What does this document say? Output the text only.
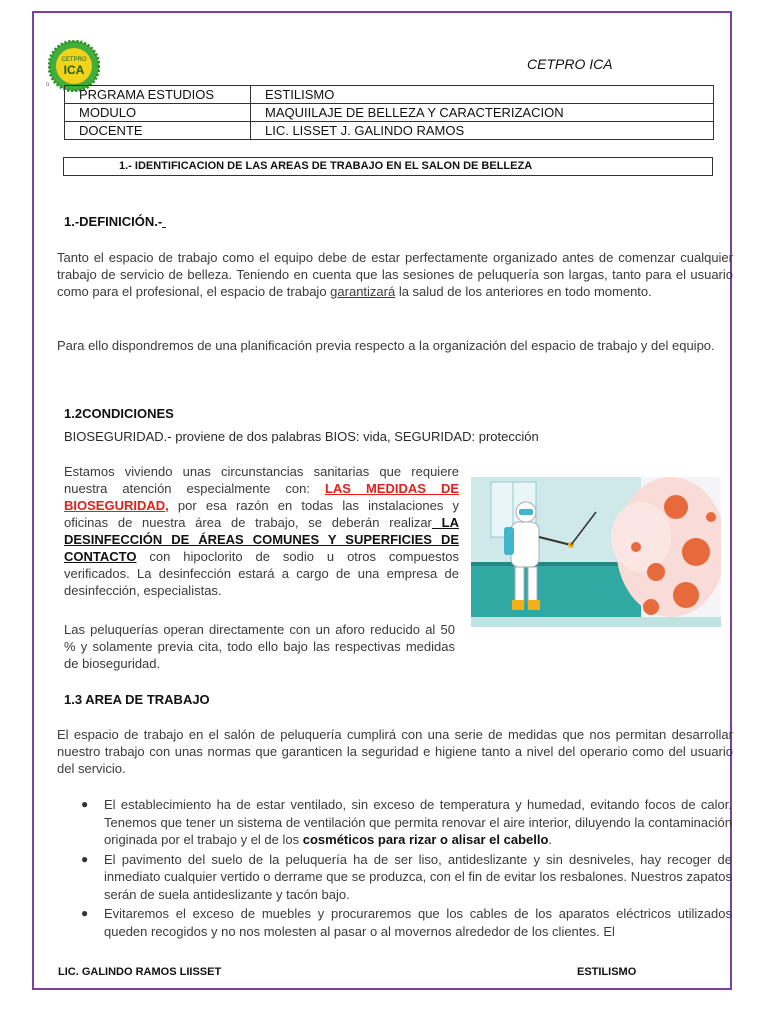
CETPRO
ICA
o
CETPRO ICA
PRGRAMA ESTUDIOS	ESTILISMO
MODULO	MAQUIILAJE DE BELLEZA Y CARACTERIZACION
DOCENTE	LIC. LISSET J. GALINDO RAMOS
1.- IDENTIFICACION DE LAS AREAS DE TRABAJO EN EL SALON DE BELLEZA
1.-DEFINICIÓN.-
Tanto el espacio de trabajo como el equipo debe de estar perfectamente organizado antes de comenzar cualquier trabajo de servicio de belleza. Teniendo en cuenta que las sesiones de peluquería son largas, tanto para el usuario como para el profesional, el espacio de trabajo garantizará la salud de los anteriores en todo momento.
Para ello dispondremos de una planificación previa respecto a la organización del espacio de trabajo y del equipo.
1.2CONDICIONES
BIOSEGURIDAD.- proviene de dos palabras BIOS: vida, SEGURIDAD: protección
Estamos viviendo unas circunstancias sanitarias que requiere nuestra atención especialmente con: LAS MEDIDAS DE BIOSEGURIDAD, por esa razón en todas las instalaciones y oficinas de nuestra área de trabajo, se deberán realizar LA DESINFECCIÓN DE ÁREAS COMUNES Y SUPERFICIES DE CONTACTO con hipoclorito de sodio u otros compuestos verificados. La desinfección estará a cargo de una empresa de desinfección, especialistas.
Las peluquerías operan directamente con un aforo reducido al 50 % y solamente previa cita, todo ello bajo las respectivas medidas de bioseguridad.
1.3 AREA DE TRABAJO
El espacio de trabajo en el salón de peluquería cumplirá con una serie de medidas que nos permitan desarrollar nuestro trabajo con unas normas que garanticen la seguridad e higiene tanto a nivel del operario como del usuario del servicio.
● El establecimiento ha de estar ventilado, sin exceso de temperatura y humedad, evitando focos de calor. Tenemos que tener un sistema de ventilación que permita renovar el aire interior, diluyendo la contaminación originada por el trabajo y el de los cosméticos para rizar o alisar el cabello.
● El pavimento del suelo de la peluquería ha de ser liso, antideslizante y sin desniveles, hay recoger de inmediato cualquier vertido o derrame que se produzca, con el fin de evitar los resbalones. Nuestros zapatos serán de suela antideslizante y tacón bajo.
● Evitaremos el exceso de muebles y procuraremos que los cables de los aparatos eléctricos utilizados queden recogidos y no nos molesten al pasar o al movernos alrededor de los clientes. El
LIC. GALINDO RAMOS LIISSET	ESTILISMO
